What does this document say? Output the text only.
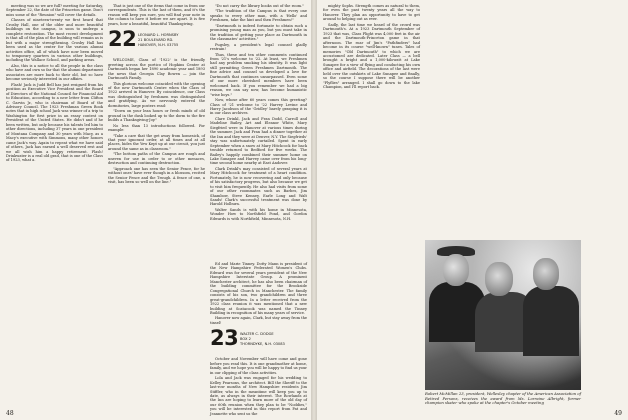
meeting was so we are full? meeting for Saturday, September 22, the date of the Princeton game. Don't miss some of the "Reunion" will cover the details.

Classes of nineteen-twenty we first heard that Crosby Hall, one of the older and more beautiful buildings on the campus, is soon to undergo a complete restoration. The most recent development is that all of the plan of the building will remain as is but with a major strengthening. Crosby Hall has been used as the center for the various alumni activities office, all of which have now been moved to temporary quarters in various other buildings, including the Wallace School, and parking areas.

Also, this is a notice to all the people in the class who have and own so far that the alumni department associates are more back to their old, but so have become seriously interested in our affairs.

Flash! Jack is Judd Bell has just resigned from his position as Executive Vice President and the Board of Directors of the National Council for Financial Aid to Education, according to a new letter from Clifton C. Garvin Jr., who is chairman of Board of the Advisory Council. The 1923 Freshman Green Book notes that in high school Jack was winner of a trip to Washington for first prize in an essay contest on President of the United States. He didn't and if he been written, but only because his talents led him to other directions, including 37 years in one president of Montana Company and 30 years with Macy, as a Macy's executive with Simmons, many other honors came Jack's way. Again to repeat what we have said of others, Jack has earned a well deserved rest and we all wish him a happy retirement. Flash! Drinkwater is a real old grad, that is one of the Class of 1923, what a.

That is just one of the items that come in from our correspondents. This is the last of them, and it's the reason will keep you sure, you will find your note in the column to have it before we are apart. It is five years, how a beautiful, beautiful Thanksgiving.

22 LEONARD L. HORNSBY
21 BOULEVARD RD.
HANOVER, N.H. 03755

WELCOME, Class of '1922' is the friendly greeting across the portico of Hopkins Center at Dartmouth began her 1890 academic year and 1893 the news that Georgia Clay Bowen — join the Dartmouth Family.

This glorious welcome coincided with the opening of the new Dartmouth Centre when the Class of 1922 arrived in Hanover. By coincidence, our Class was distinguished by freshmen was distinguished and gratifying. As we nervously entered the dormitories, large posters read:

"Down on your lean hours or fresh minds of old ground in the dusk looked up to the dorm to the fire builds a Thanksgiving-Joy."

No less than 13 introductions followed. For example:

"Take a care that the get away from homesick, of that your ignorant order, at all times and at all places, hides the Yew Kept up at our circuit, you just around the same as in classroom."

"The bottom paths of the Campus are rough and uneven for use in order to or other menaces, destruction and continuing destruction.

"Approach one has seen the Senior Fence, for he without ones' have ever though in a blossom, recited the Senior Fence and the Trough. A fence of one, a visit, has been so well on the line."

"Do not carry the library books out of the room."

"The tradition of the Campus is that every one speaks to every other man, with a 'Hello' and Freshmen, take the hint and then Freshmen!"

"Dartmouth is indeed fortunate to obtain such a promising young man as you, but you must take in the tradition of getting your place as Dartmouth in the classmates' activities."

Pugsley, a president's legal counsel gladly restrain!

Thus, these and ten other comments continued from '21's welcome to '22. At least, we Freshmen had any problem smoking his identity. It was light still permitting Green Freshmen Dartmouth. The fine advice and counsel us developed a love for Dartmouth that continues unsurpassed. Even some of our more cherished members have been welcomed back. If you remember we had a big reason, we can say now, has become humanistic "wise boys."

Now, whose after 60 years comes this greeting? Class of '21 welcome to '22 Harvey Levine and Harry Jacobson of the 'Gridley' barely grasping it is in our class archives.

Clare Drinkl, Jack and Fran Dodd, Carroll and Madeline Bailey, Art and Eleanor White, Mary Siegfried were in Hanover at various times during the summer. Jack and Fran had a dinner together at the Inn and they were at Denver, N.Y. The Siegfrieds' stay was unfortunately curtailed. Spent in early September when a snow at Mary Hitchcock for back trouble returned to Bedford for five weeks. The Bailey's happily combined their summer home on Lake Sunapee and Harvey came over from his long-time second home nearby at East Andover.

Clark Drinkl's may consisted of several years at Mary Hitchcock for treatment of a heart condition. Fortunately, he is now recovering and only because of his satisfactory progress, but also because we get to visit him frequently. He also had visits from some of our other roommates such as Barbes, Jim Shambow, Steve Kenney, Earle Long and Walt Sands! Clark's successful treatment was done by Harold Holburn.

Walter Sands is with his home in Minnesota, Wonder How to Northfield Pond, and Gordon Edwards is with Northfield, Minnesota, N.H.

Ed and Marie Tinney. Dotty Mann is president of the New Hampshire Federated Women's Clubs. Edward was for several years president of the New Hampshire Interstate Group. A prominent Manchester architect, he has also been chairman of the building committee for the Brookside Congregational Church in Manchester. The family consists of his son, two grandchildren and three great-grandchildren. In a letter received from the 1922 class reunion it was mentioned that a new building at Scatacook was named the Tinney Building in recognition of his many years of service.

Hanover now again, Clark, but stay away from the tinsel!

23 WALTER C. DODGE
BOX 2
THORNDYKE, N.H. 03083

October and November will have come and gone before you read this. It is one grandmother at home, family, and we hope you will be happy to find us your in our clipping of the class activities.

Lola and Jack was engaged for his wedding to Kelley Pearsons, the architect. Bill the Sheriff to the last-row months of New Hampshire residents Jim Stiffler, who in the meantime will keep you up to date, as always in their interest. The Rowlands at the Inn are hoping to learn more of the old day of our 60th reunion when they plan to be "Noddies," you will be interested in this report from Pat and Jeannette who sent us the

48

mighty Sophs. Strength comes as natural to them, for even the past twenty years all the way to Hanover. They plan an opportunity to have to get around to helping out as ever.

Sadly, the last time we heard of the crowd was Dartmouth's. At a 1923 Dartmouth September of 1923 that was, Class Flight was 4,000 feet in the air and the Dartmouth-Princeton game in that afternoon. The roar of Jim's "Pathfinders" had become in its course "well-known" tunes. Tales of memories "Old Dartmouth" to which we are accustomed are dedicated. Later Class — a bell brought a bright and a 1,000-kilowatt at Lake Sunapee for a view of flying and conducting his own office and airfield. The decorations of the last were held over the outskirts of Lake Sunapee and finally, so the course I suppose there will be another "Plyflies" arranged. I shall go down to the lake Champion, and I'll report back.

Robert McMillan 23, president, Wellesley chapter of the American Association of Retired Persons, receives the award from Ms. Lorraine Albright, former champion skater who spoke at the chapter's October meeting
49
